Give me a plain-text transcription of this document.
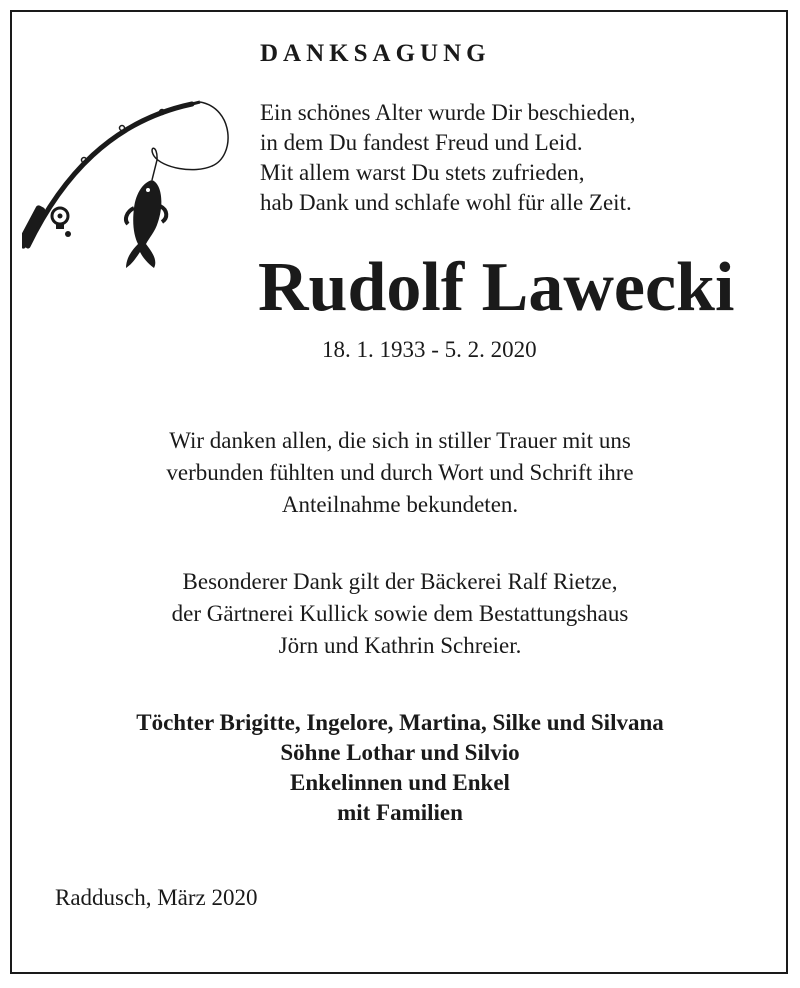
DANKSAGUNG
Ein schönes Alter wurde Dir beschieden,
in dem Du fandest Freud und Leid.
Mit allem warst Du stets zufrieden,
hab Dank und schlafe wohl für alle Zeit.
Rudolf Lawecki
18. 1. 1933 - 5. 2. 2020
Wir danken allen, die sich in stiller Trauer mit uns
verbunden fühlten und durch Wort und Schrift ihre
Anteilnahme bekundeten.
Besonderer Dank gilt der Bäckerei Ralf Rietze,
der Gärtnerei Kullick sowie dem Bestattungshaus
Jörn und Kathrin Schreier.
Töchter Brigitte, Ingelore, Martina, Silke und Silvana
Söhne Lothar und Silvio
Enkelinnen und Enkel
mit Familien
Raddusch, März 2020
